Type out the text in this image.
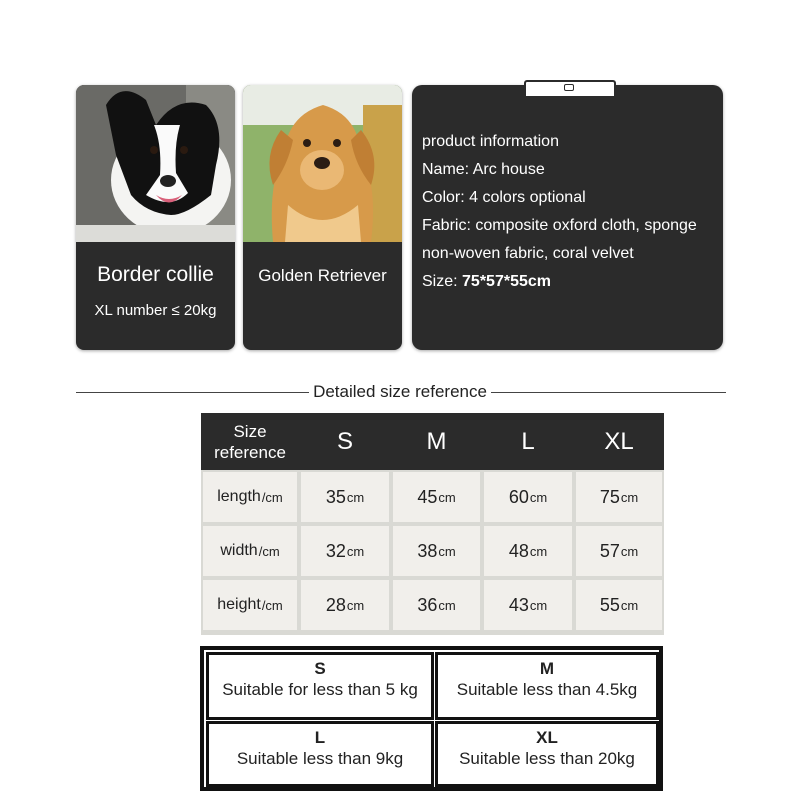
Border collie
XL number ≤ 20kg
Golden Retriever
product information
Name: Arc house
Color: 4 colors optional
Fabric: composite oxford cloth, sponge
non-woven fabric, coral velvet
Size: 75*57*55cm
Detailed size reference
Size
reference	S	M	L	XL
length /cm 35 cm	45 cm	60 cm	75 cm
width /cm	32 cm	38 cm	48 cm	57 cm
height /cm 28 cm	36 cm	43 cm	55 cm
S
Suitable for less than 5 kg
M
Suitable less than 4.5kg
L
Suitable less than 9kg
XL
Suitable less than 20kg
